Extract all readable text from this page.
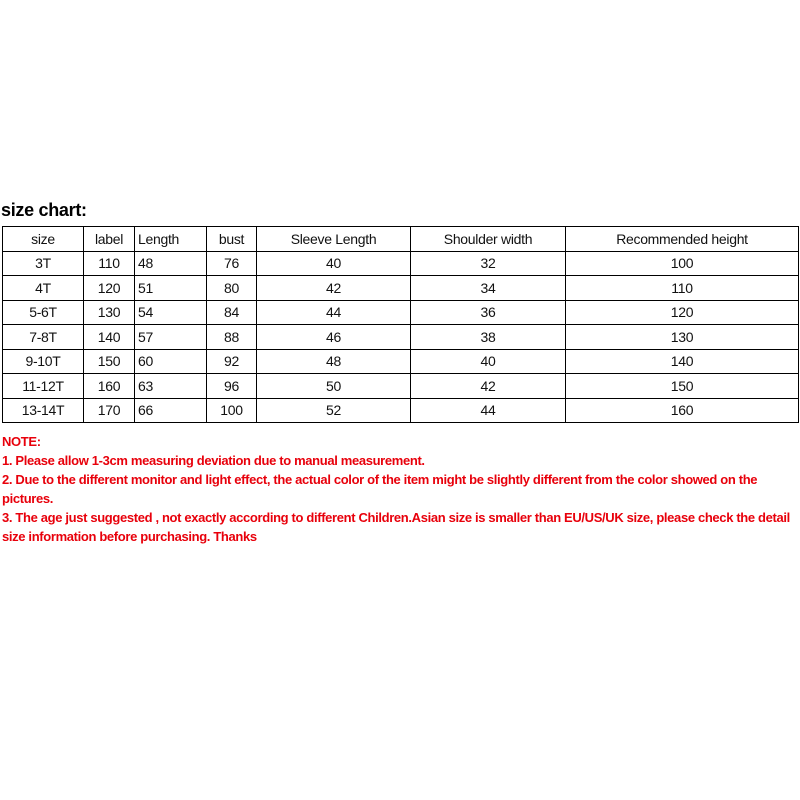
size chart:
size	label	Length	bust	Sleeve Length	Shoulder width	Recommended height
3T	110	48	76	40	32	100
4T	120	51	80	42	34	110
5-6T	130	54	84	44	36	120
7-8T	140	57	88	46	38	130
9-10T	150	60	92	48	40	140
11-12T	160	63	96	50	42	150
13-14T	170	66	100	52	44	160

NOTE:

1. Please allow 1-3cm measuring deviation due to manual measurement.

2. Due to the different monitor and light effect, the actual color of the item might be slightly different from the color showed on the pictures.

3. The age just suggested , not exactly according to different Children.Asian size is smaller than EU/US/UK size, please check the detail size information before purchasing. Thanks
